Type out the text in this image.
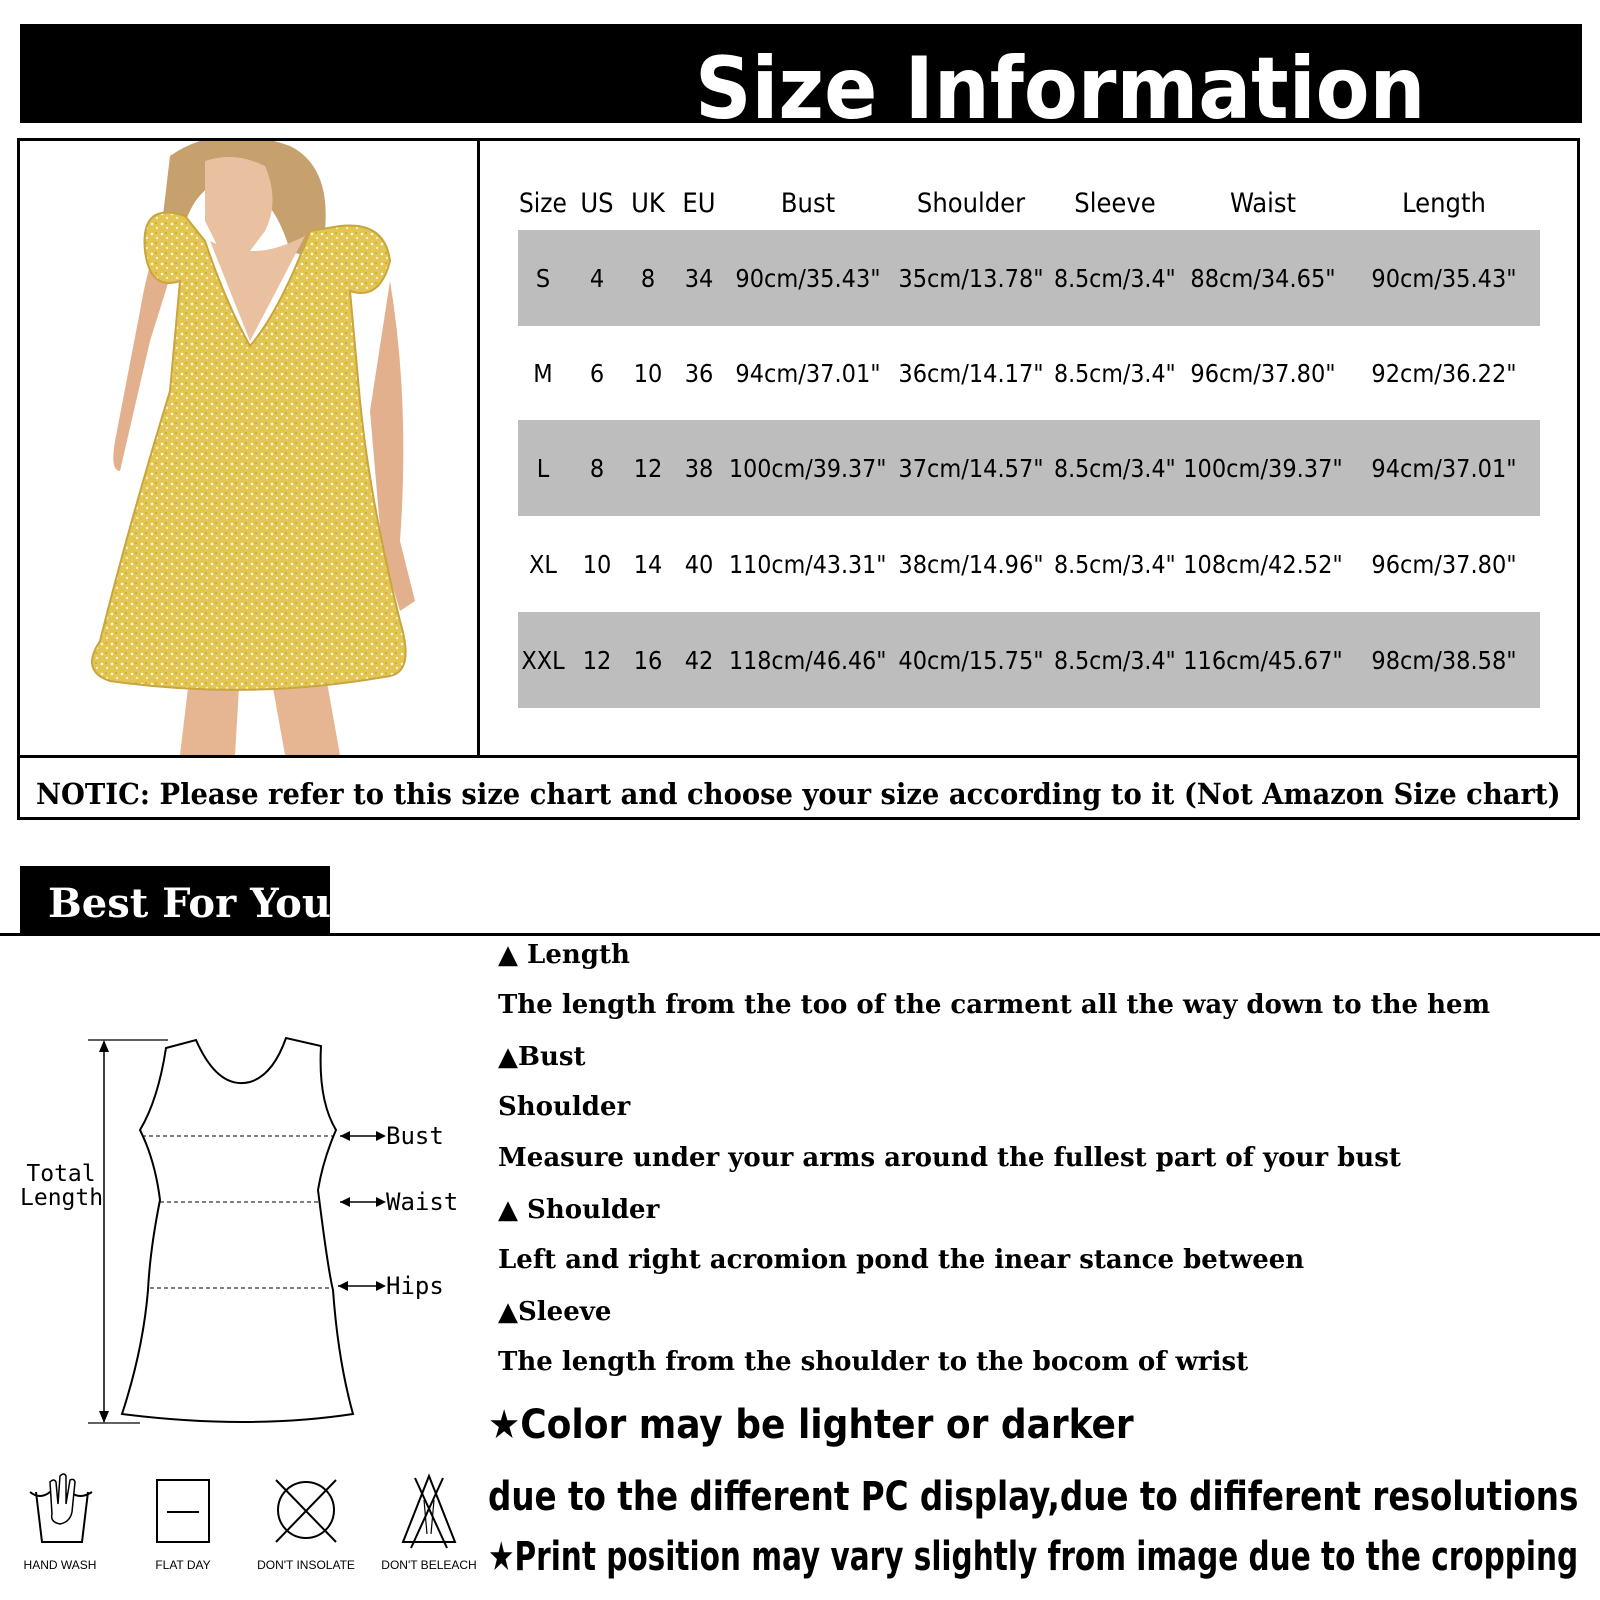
Size Information
NOTIC: Please refer to this size chart and choose your size according to it (Not Amazon Size chart)
Size US UK EU Bust	Shoulder Sleeve	Waist	Length
S 4 8 34 90cm/35.43" 35cm/13.78" 8.5cm/3.4" 88cm/34.65" 90cm/35.43"
M 6 10 36 94cm/37.01" 36cm/14.17" 8.5cm/3.4" 96cm/37.80" 92cm/36.22"
L 8 12 38 100cm/39.37" 37cm/14.57" 8.5cm/3.4" 100cm/39.37" 94cm/37.01"
XL 10 14 40 110cm/43.31" 38cm/14.96" 8.5cm/3.4" 108cm/42.52" 96cm/37.80"
XXL 12 16 42 118cm/46.46" 40cm/15.75" 8.5cm/3.4" 116cm/45.67" 98cm/38.58"
Best For You
Total
Length
Bust
Waist
Hips
HAND WASH	FLAT DAY	DON'T INSOLATE	DON'T BELEACH
▲ Length
The length from the too of the carment all the way down to the hem
▲Bust
Shoulder
Measure under your arms around the fullest part of your bust
▲ Shoulder
Left and right acromion pond the inear stance between
▲Sleeve
The length from the shoulder to the bocom of wrist
★Color may be lighter or darker
due to the different PC display,due to dififerent resolutions
★Print position may vary slightly from image due to the cropping
